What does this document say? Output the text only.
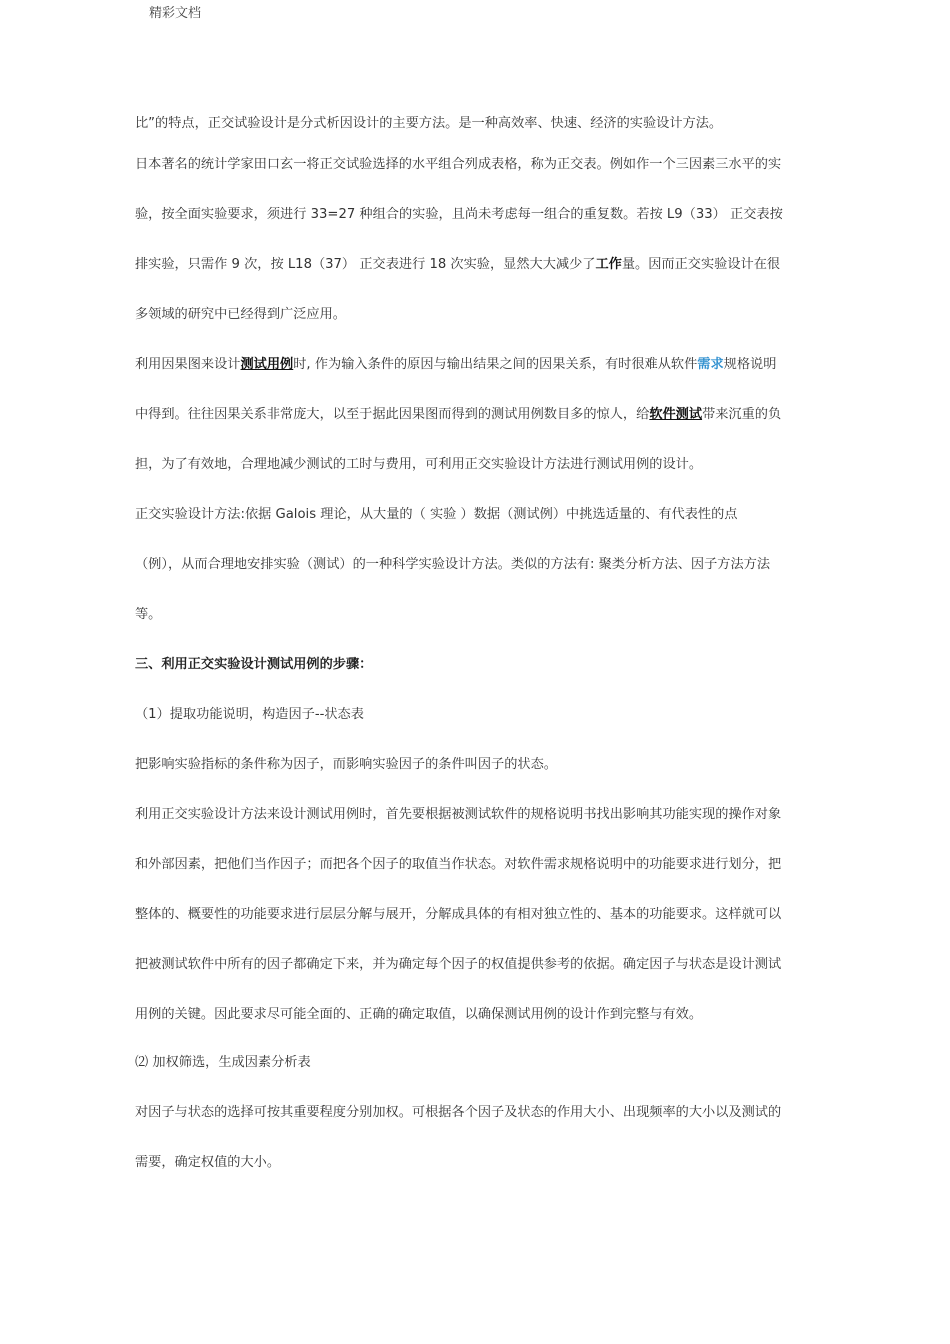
精彩文档
比”的特点，正交试验设计是分式析因设计的主要方法。是一种高效率、快速、经济的实验设计方法。
日本著名的统计学家田口玄一将正交试验选择的水平组合列成表格，称为正交表。例如作一个三因素三水平的实
验，按全面实验要求，须进行 33=27 种组合的实验，且尚未考虑每一组合的重复数。若按 L9（33） 正交表按
排实验，只需作 9 次，按 L18（37） 正交表进行 18 次实验，显然大大减少了工作量。因而正交实验设计在很
多领域的研究中已经得到广泛应用。
利用因果图来设计测试用例时, 作为输入条件的原因与输出结果之间的因果关系，有时很难从软件需求规格说明
中得到。往往因果关系非常庞大，以至于据此因果图而得到的测试用例数目多的惊人，给软件测试带来沉重的负
担，为了有效地，合理地减少测试的工时与费用，可利用正交实验设计方法进行测试用例的设计。
正交实验设计方法:依据 Galois 理论，从大量的（ 实验 ）数据（测试例）中挑选适量的、有代表性的点
（例），从而合理地安排实验（测试）的一种科学实验设计方法。类似的方法有: 聚类分析方法、因子方法方法
等。
三、利用正交实验设计测试用例的步骤：
（1）提取功能说明，构造因子--状态表
把影响实验指标的条件称为因子，而影响实验因子的条件叫因子的状态。
利用正交实验设计方法来设计测试用例时，首先要根据被测试软件的规格说明书找出影响其功能实现的操作对象
和外部因素，把他们当作因子；而把各个因子的取值当作状态。对软件需求规格说明中的功能要求进行划分，把
整体的、概要性的功能要求进行层层分解与展开，分解成具体的有相对独立性的、基本的功能要求。这样就可以
把被测试软件中所有的因子都确定下来，并为确定每个因子的权值提供参考的依据。确定因子与状态是设计测试
用例的关键。因此要求尽可能全面的、正确的确定取值，以确保测试用例的设计作到完整与有效。
⑵ 加权筛选，生成因素分析表
对因子与状态的选择可按其重要程度分别加权。可根据各个因子及状态的作用大小、出现频率的大小以及测试的
需要，确定权值的大小。
